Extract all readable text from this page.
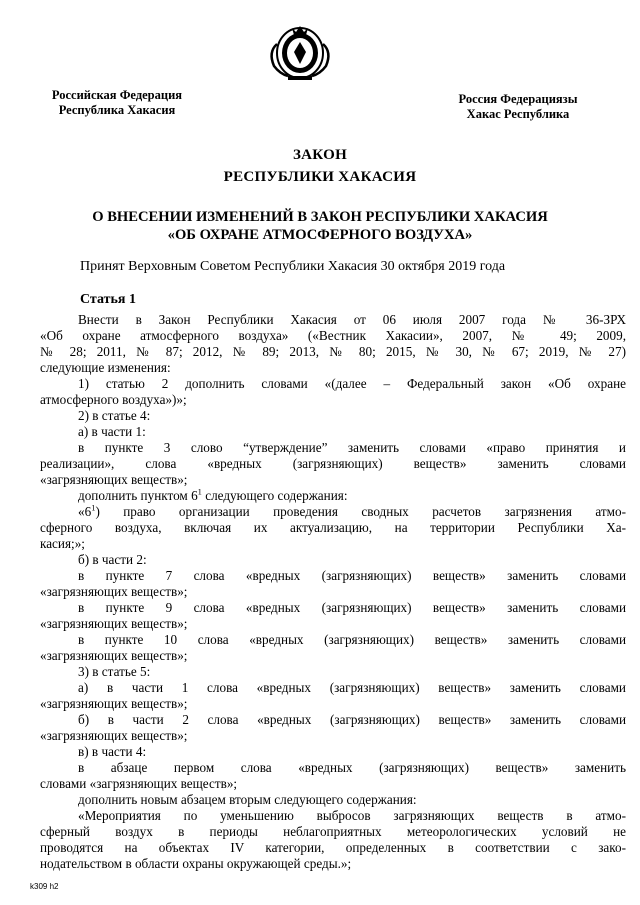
Российская Федерация
Республика Хакасия
Россия Федерациязы
Хакас Республика
ЗАКОН
РЕСПУБЛИКИ ХАКАСИЯ
О ВНЕСЕНИИ ИЗМЕНЕНИЙ В ЗАКОН РЕСПУБЛИКИ ХАКАСИЯ
«ОБ ОХРАНЕ АТМОСФЕРНОГО ВОЗДУХА»
Принят Верховным Советом Республики Хакасия 30 октября 2019 года
Статья 1
Внести в Закон Республики Хакасия от 06 июля 2007 года № 36-ЗРХ
«Об охране атмосферного воздуха» («Вестник Хакасии», 2007, № 49; 2009,
№ 28; 2011, № 87; 2012, № 89; 2013, № 80; 2015, № 30, № 67; 2019, № 27)
следующие изменения:
1) статью 2 дополнить словами «(далее – Федеральный закон «Об охране
атмосферного воздуха»)»;
2) в статье 4:
а) в части 1:
в пункте 3 слово “утверждение” заменить словами «право принятия и
реализации», слова «вредных (загрязняющих) веществ» заменить словами
«загрязняющих веществ»;
дополнить пунктом $6^1$ следующего содержания:
«$6^1$) право организации проведения сводных расчетов загрязнения атмо-
сферного воздуха, включая их актуализацию, на территории Республики Ха-
касия;»;
б) в части 2:
в пункте 7 слова «вредных (загрязняющих) веществ» заменить словами
«загрязняющих веществ»;
в пункте 9 слова «вредных (загрязняющих) веществ» заменить словами
«загрязняющих веществ»;
в пункте 10 слова «вредных (загрязняющих) веществ» заменить словами
«загрязняющих веществ»;
3) в статье 5:
а) в части 1 слова «вредных (загрязняющих) веществ» заменить словами
«загрязняющих веществ»;
б) в части 2 слова «вредных (загрязняющих) веществ» заменить словами
«загрязняющих веществ»;
в) в части 4:
в абзаце первом слова «вредных (загрязняющих) веществ» заменить
словами «загрязняющих веществ»;
дополнить новым абзацем вторым следующего содержания:
«Мероприятия по уменьшению выбросов загрязняющих веществ в атмо-
сферный воздух в периоды неблагоприятных метеорологических условий не
проводятся на объектах IV категории, определенных в соответствии с зако-
нодательством в области охраны окружающей среды.»;
k309 h2
